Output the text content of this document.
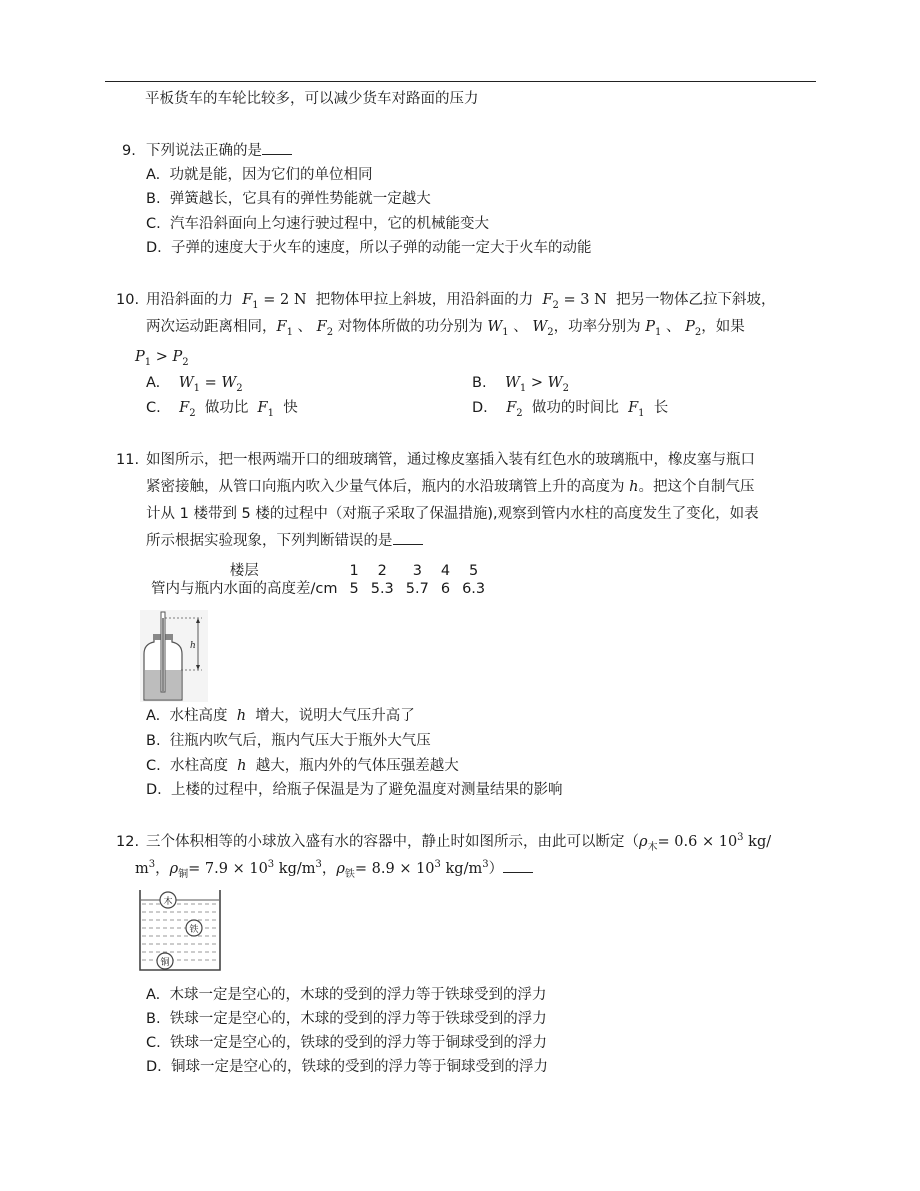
平板货车的车轮比较多，可以减少货车对路面的压力
9. 下列说法正确的是
A. 功就是能，因为它们的单位相同
B. 弹簧越长，它具有的弹性势能就一定越大
C. 汽车沿斜面向上匀速行驶过程中，它的机械能变大
D. 子弹的速度大于火车的速度，所以子弹的动能一定大于火车的动能
10. 用沿斜面的力 $F_1 = 2$ N 把物体甲拉上斜坡，用沿斜面的力 $F_2 = 3$ N 把另一物体乙拉下斜坡，
两次运动距离相同，$F_1$ 、 $F_2$ 对物体所做的功分别为 $W_1$ 、 $W_2$，功率分别为 $P_1$ 、 $P_2$，如果
$P_1 > P_2$
A. $W_1 = W_2$	B. $W_1 > W_2$
C. $F_2$ 做功比 $F_1$ 快	D. $F_2$ 做功的时间比 $F_1$ 长
11. 如图所示，把一根两端开口的细玻璃管，通过橡皮塞插入装有红色水的玻璃瓶中，橡皮塞与瓶口
紧密接触，从管口向瓶内吹入少量气体后，瓶内的水沿玻璃管上升的高度为 h。把这个自制气压
计从 1 楼带到 5 楼的过程中（对瓶子采取了保温措施),观察到管内水柱的高度发生了变化，如表
所示根据实验现象，下列判断错误的是
楼层	1	2	3	4	5
管内与瓶内水面的高度差/cm	5	5.3	5.7	6	6.3
h
A. 水柱高度 h 增大，说明大气压升高了
B. 往瓶内吹气后，瓶内气压大于瓶外大气压
C. 水柱高度 h 越大，瓶内外的气体压强差越大
D. 上楼的过程中，给瓶子保温是为了避免温度对测量结果的影响
12. 三个体积相等的小球放入盛有水的容器中，静止时如图所示，由此可以断定（$\rho_木= 0.6 \times 10^3$ kg/
$m^3$，$\rho_铜= 7.9 \times 10^3$ $kg/m^3$，$\rho_铁= 8.9 \times 10^3$ $kg/m^3$）
木
铁
铜
A. 木球一定是空心的，木球的受到的浮力等于铁球受到的浮力
B. 铁球一定是空心的，木球的受到的浮力等于铁球受到的浮力
C. 铁球一定是空心的，铁球的受到的浮力等于铜球受到的浮力
D. 铜球一定是空心的，铁球的受到的浮力等于铜球受到的浮力
